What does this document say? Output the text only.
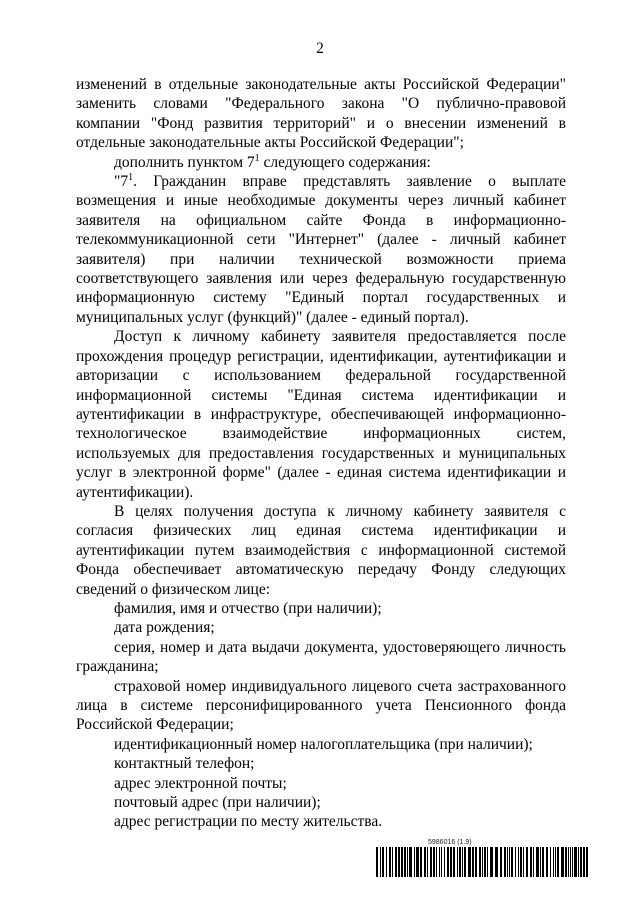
2

изменений в отдельные законодательные акты Российской Федерации" заменить словами "Федерального закона "О публично-правовой компании "Фонд развития территорий" и о внесении изменений в отдельные законодательные акты Российской Федерации";

дополнить пунктом $7^1$ следующего содержания:

"$7^1$. Гражданин вправе представлять заявление о выплате возмещения и иные необходимые документы через личный кабинет заявителя на официальном сайте Фонда в информационно-телекоммуникационной сети "Интернет" (далее - личный кабинет заявителя) при наличии технической возможности приема соответствующего заявления или через федеральную государственную информационную систему "Единый портал государственных и муниципальных услуг (функций)" (далее - единый портал).

Доступ к личному кабинету заявителя предоставляется после прохождения процедур регистрации, идентификации, аутентификации и авторизации с использованием федеральной государственной информационной системы "Единая система идентификации и аутентификации в инфраструктуре, обеспечивающей информационно-технологическое взаимодействие информационных систем, используемых для предоставления государственных и муниципальных услуг в электронной форме" (далее - единая система идентификации и аутентификации).

В целях получения доступа к личному кабинету заявителя с согласия физических лиц единая система идентификации и аутентификации путем взаимодействия с информационной системой Фонда обеспечивает автоматическую передачу Фонду следующих сведений о физическом лице:

фамилия, имя и отчество (при наличии);

дата рождения;

серия, номер и дата выдачи документа, удостоверяющего личность гражданина;

страховой номер индивидуального лицевого счета застрахованного лица в системе персонифицированного учета Пенсионного фонда Российской Федерации;

идентификационный номер налогоплательщика (при наличии);

контактный телефон;

адрес электронной почты;

почтовый адрес (при наличии);

адрес регистрации по месту жительства.

5986016 (1.9)
